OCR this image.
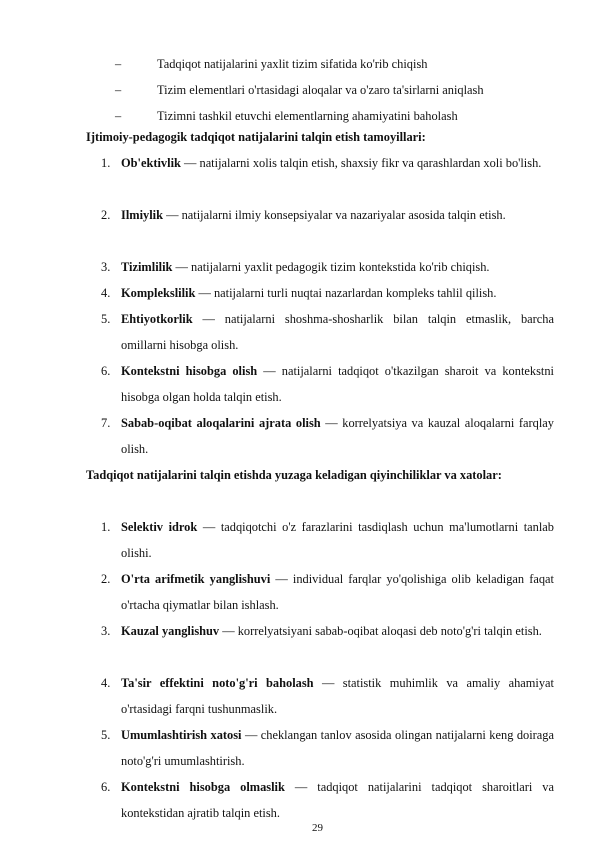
–	Tadqiqot natijalarini yaxlit tizim sifatida ko'rib chiqish
–	Tizim elementlari o'rtasidagi aloqalar va o'zaro ta'sirlarni aniqlash
–	Tizimni tashkil etuvchi elementlarning ahamiyatini baholash
Ijtimoiy-pedagogik tadqiqot natijalarini talqin etish tamoyillari:
1. Ob'ektivlik — natijalarni xolis talqin etish, shaxsiy fikr va qarashlardan xoli bo'lish.
2. Ilmiylik — natijalarni ilmiy konsepsiyalar va nazariyalar asosida talqin etish.
3. Tizimlilik — natijalarni yaxlit pedagogik tizim kontekstida ko'rib chiqish.
4. Komplekslilik — natijalarni turli nuqtai nazarlardan kompleks tahlil qilish.
5. Ehtiyotkorlik — natijalarni shoshma-shosharlik bilan talqin etmaslik, barcha omillarni hisobga olish.
6. Kontekstni hisobga olish — natijalarni tadqiqot o'tkazilgan sharoit va kontekstni hisobga olgan holda talqin etish.
7. Sabab-oqibat aloqalarini ajrata olish — korrelyatsiya va kauzal aloqalarni farqlay olish.
Tadqiqot natijalarini talqin etishda yuzaga keladigan qiyinchiliklar va xatolar:
1. Selektiv idrok — tadqiqotchi o'z farazlarini tasdiqlash uchun ma'lumotlarni tanlab olishi.
2. O'rta arifmetik yanglishuvi — individual farqlar yo'qolishiga olib keladigan faqat o'rtacha qiymatlar bilan ishlash.
3. Kauzal yanglishuv — korrelyatsiyani sabab-oqibat aloqasi deb noto'g'ri talqin etish.
4. Ta'sir effektini noto'g'ri baholash — statistik muhimlik va amaliy ahamiyat o'rtasidagi farqni tushunmaslik.
5. Umumlashtirish xatosi — cheklangan tanlov asosida olingan natijalarni keng doiraga noto'g'ri umumlashtirish.
6. Kontekstni hisobga olmaslik — tadqiqot natijalarini tadqiqot sharoitlari va kontekstidan ajratib talqin etish.
29
